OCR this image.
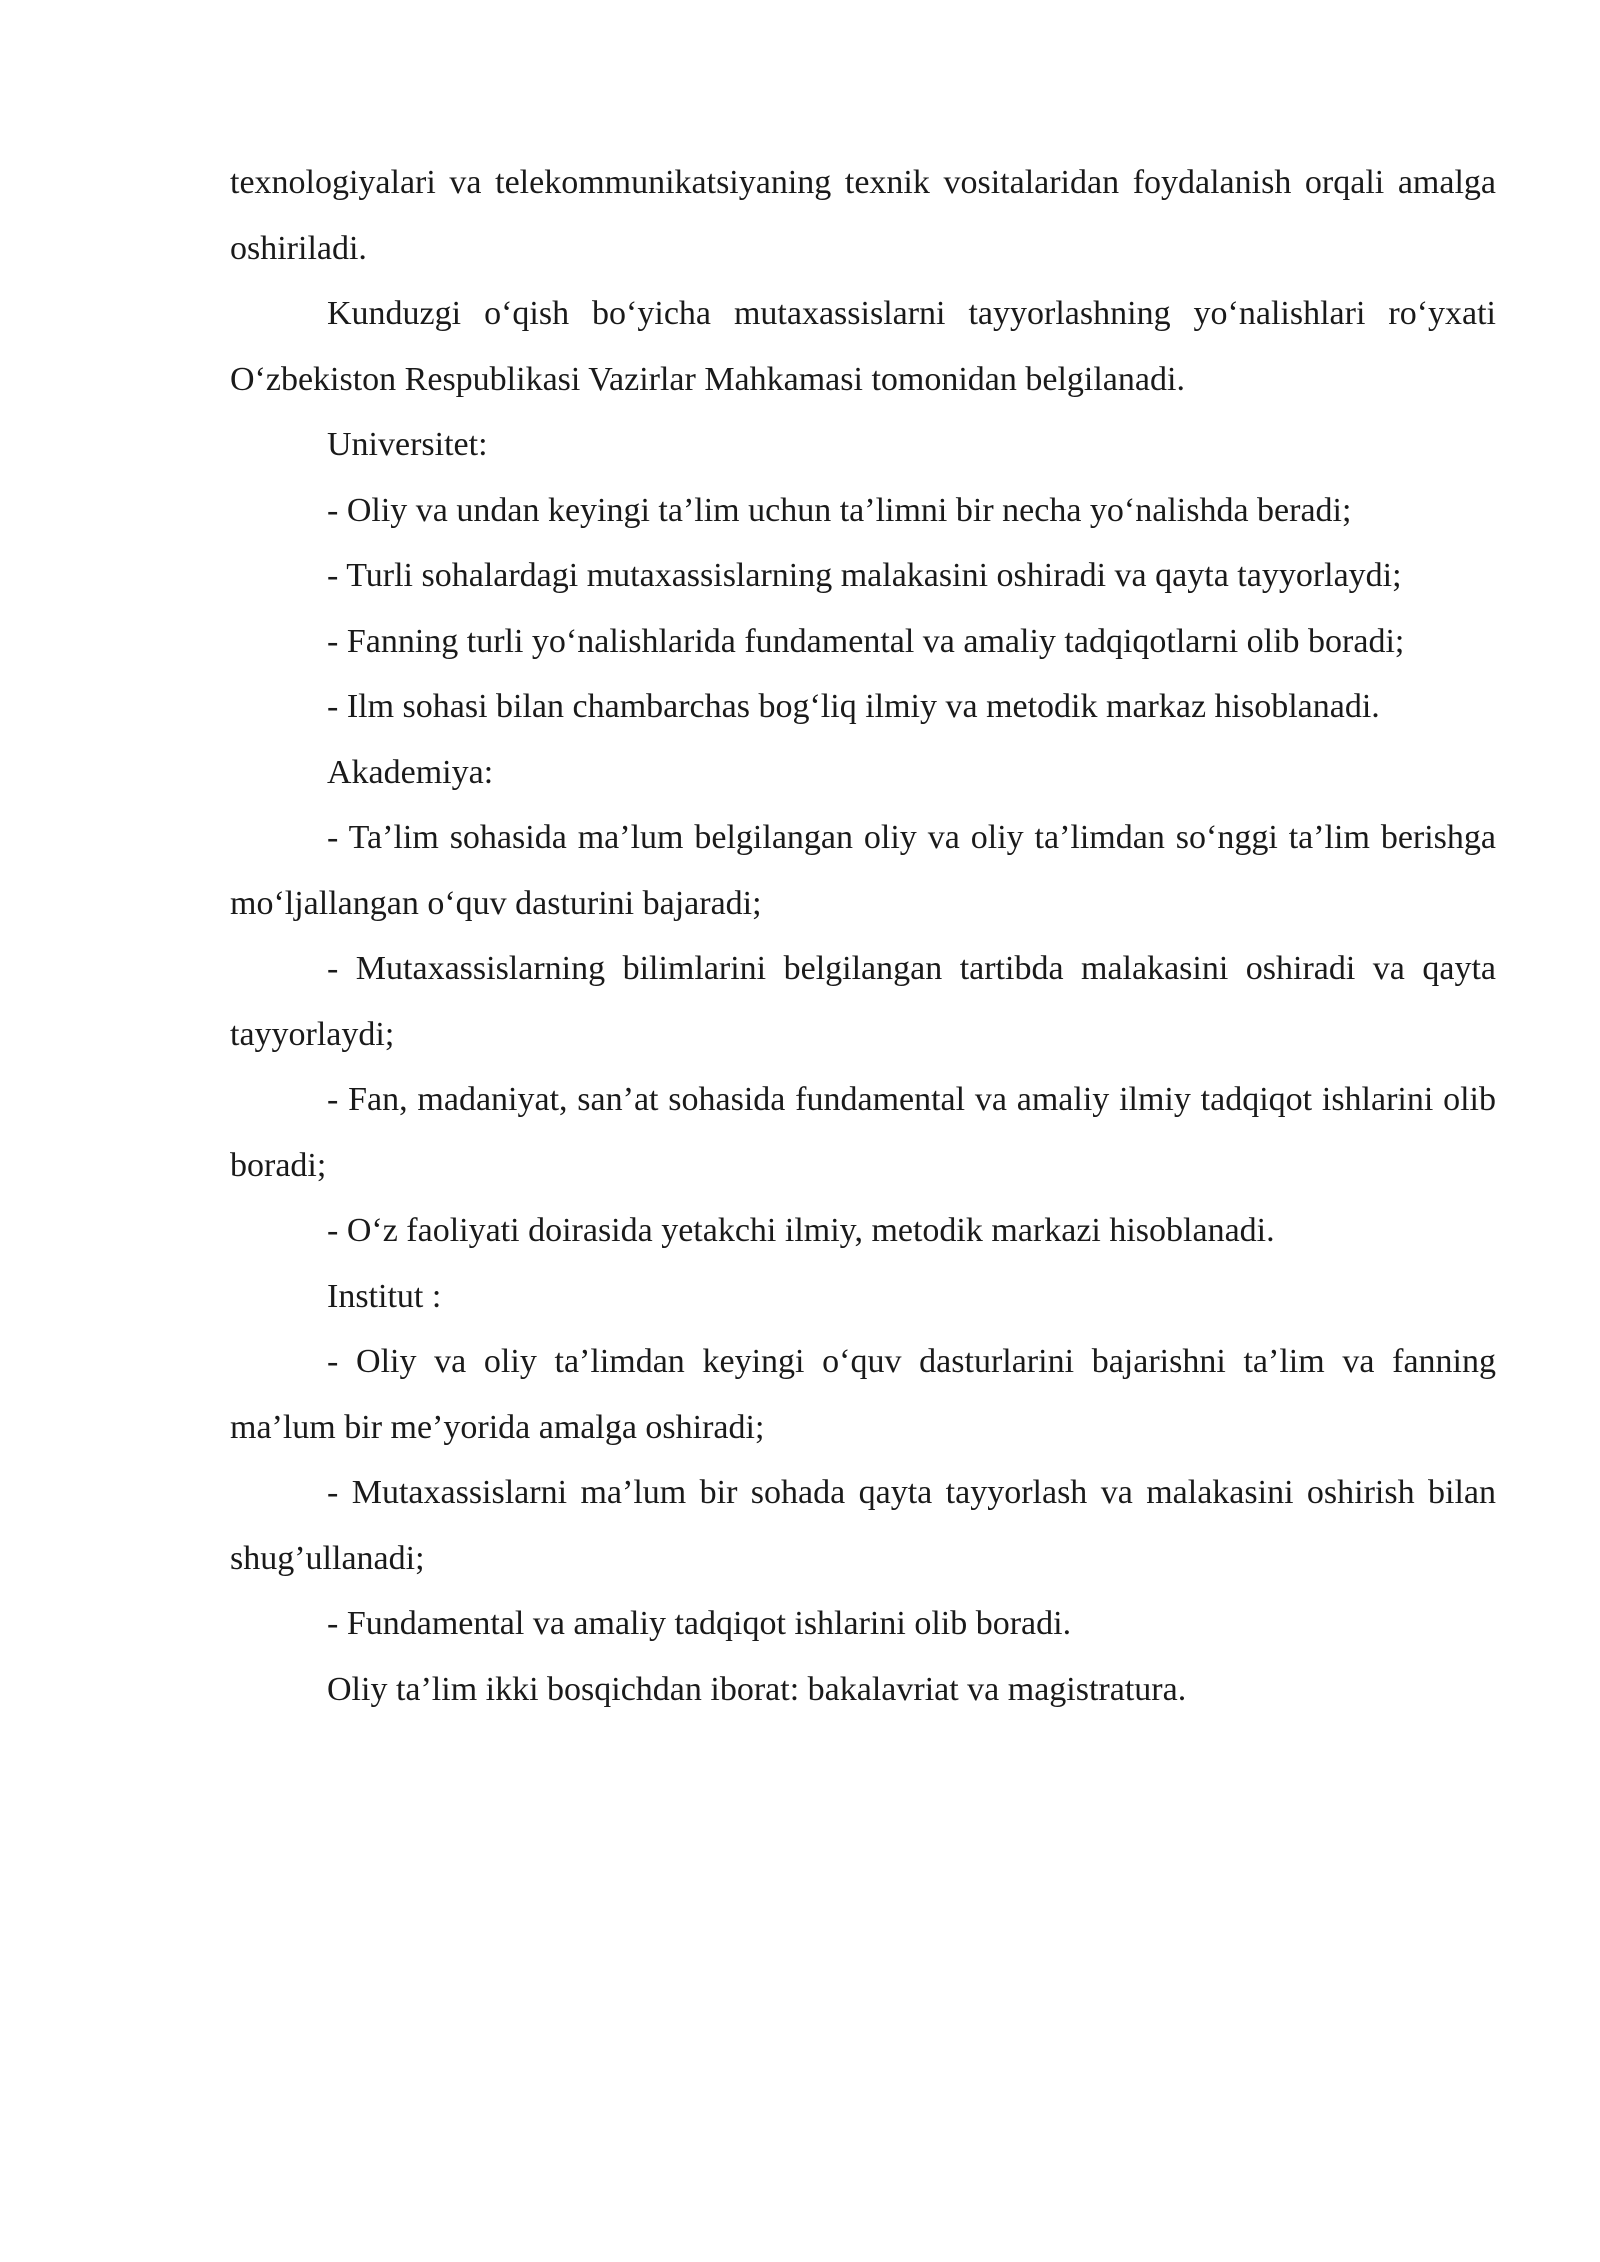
texnologiyalari va telekommunikatsiyaning texnik vositalaridan foydalanish orqali amalga oshiriladi.

Kunduzgi o‘qish bo‘yicha mutaxassislarni tayyorlashning yo‘nalishlari ro‘yxati O‘zbekiston Respublikasi Vazirlar Mahkamasi tomonidan belgilanadi.

Universitet:

- Oliy va undan keyingi ta’lim uchun ta’limni bir necha yo‘nalishda beradi;

- Turli sohalardagi mutaxassislarning malakasini oshiradi va qayta tayyorlaydi;

- Fanning turli yo‘nalishlarida fundamental va amaliy tadqiqotlarni olib boradi;

- Ilm sohasi bilan chambarchas bog‘liq ilmiy va metodik markaz hisoblanadi.

Akademiya:

- Ta’lim sohasida ma’lum belgilangan oliy va oliy ta’limdan so‘nggi ta’lim berishga mo‘ljallangan o‘quv dasturini bajaradi;

- Mutaxassislarning bilimlarini belgilangan tartibda malakasini oshiradi va qayta tayyorlaydi;

- Fan, madaniyat, san’at sohasida fundamental va amaliy ilmiy tadqiqot ishlarini olib boradi;

- O‘z faoliyati doirasida yetakchi ilmiy, metodik markazi hisoblanadi.

Institut :

- Oliy va oliy ta’limdan keyingi o‘quv dasturlarini bajarishni ta’lim va fanning ma’lum bir me’yorida amalga oshiradi;

- Mutaxassislarni ma’lum bir sohada qayta tayyorlash va malakasini oshirish bilan shug’ullanadi;

- Fundamental va amaliy tadqiqot ishlarini olib boradi.

Oliy ta’lim ikki bosqichdan iborat: bakalavriat va magistratura.
